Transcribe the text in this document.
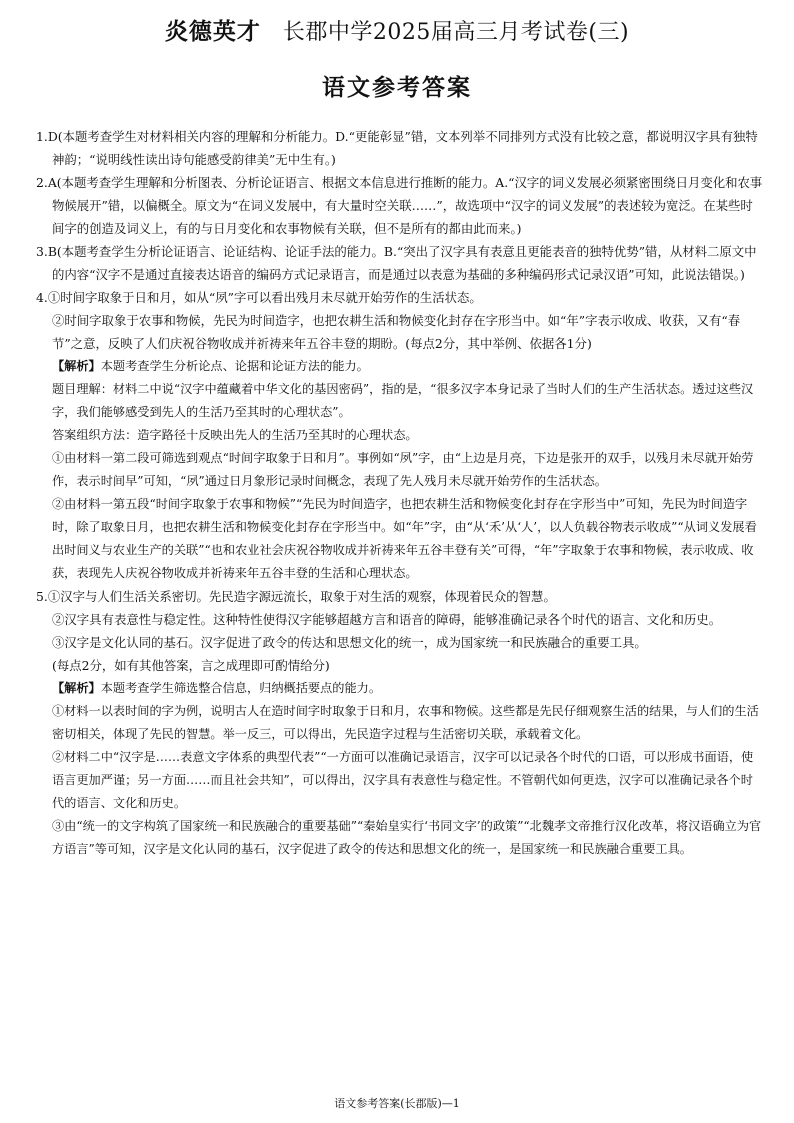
炎德英才 长郡中学2025届高三月考试卷(三)
语文参考答案

1.D(本题考查学生对材料相关内容的理解和分析能力。D.“更能彰显”错，文本列举不同排列方式没有比较之意，都说明汉字具有独特神韵；“说明线性读出诗句能感受韵律美”无中生有。)

2.A(本题考查学生理解和分析图表、分析论证语言、根据文本信息进行推断的能力。A.“汉字的词义发展必须紧密围绕日月变化和农事物候展开”错，以偏概全。原文为“在词义发展中，有大量时空关联……”，故选项中“汉字的词义发展”的表述较为宽泛。在某些时间字的创造及词义上，有的与日月变化和农事物候有关联，但不是所有的都由此而来。)

3.B(本题考查学生分析论证语言、论证结构、论证手法的能力。B.“突出了汉字具有表意且更能表音的独特优势”错，从材料二原文中的内容“汉字不是通过直接表达语音的编码方式记录语言，而是通过以表意为基础的多种编码形式记录汉语”可知，此说法错误。)

4.①时间字取象于日和月，如从“夙”字可以看出残月未尽就开始劳作的生活状态。

②时间字取象于农事和物候，先民为时间造字，也把农耕生活和物候变化封存在字形当中。如“年”字表示收成、收获，又有“春节”之意，反映了人们庆祝谷物收成并祈祷来年五谷丰登的期盼。(每点2分，其中举例、依据各1分)

【解析】本题考查学生分析论点、论据和论证方法的能力。

题目理解：材料二中说“汉字中蕴藏着中华文化的基因密码”，指的是，“很多汉字本身记录了当时人们的生产生活状态。透过这些汉字，我们能够感受到先人的生活乃至其时的心理状态”。

答案组织方法：造字路径十反映出先人的生活乃至其时的心理状态。

①由材料一第二段可筛选到观点“时间字取象于日和月”。事例如“夙”字，由“上边是月亮，下边是张开的双手，以残月未尽就开始劳作，表示时间早”可知，“夙”通过日月象形记录时间概念，表现了先人残月未尽就开始劳作的生活状态。

②由材料一第五段“时间字取象于农事和物候”“先民为时间造字，也把农耕生活和物候变化封存在字形当中”可知，先民为时间造字时，除了取象日月，也把农耕生活和物候变化封存在字形当中。如“年”字，由“从‘禾’从‘人’，以人负载谷物表示收成”“从词义发展看出时间义与农业生产的关联”“也和农业社会庆祝谷物收成并祈祷来年五谷丰登有关”可得，“年”字取象于农事和物候，表示收成、收获，表现先人庆祝谷物收成并祈祷来年五谷丰登的生活和心理状态。

5.①汉字与人们生活关系密切。先民造字源远流长，取象于对生活的观察，体现着民众的智慧。

②汉字具有表意性与稳定性。这种特性使得汉字能够超越方言和语音的障碍，能够准确记录各个时代的语言、文化和历史。

③汉字是文化认同的基石。汉字促进了政令的传达和思想文化的统一，成为国家统一和民族融合的重要工具。

(每点2分，如有其他答案，言之成理即可酌情给分)

【解析】本题考查学生筛选整合信息，归纳概括要点的能力。

①材料一以表时间的字为例，说明古人在造时间字时取象于日和月，农事和物候。这些都是先民仔细观察生活的结果，与人们的生活密切相关，体现了先民的智慧。举一反三，可以得出，先民造字过程与生活密切关联，承载着文化。

②材料二中“汉字是……表意文字体系的典型代表”“一方面可以准确记录语言，汉字可以记录各个时代的口语，可以形成书面语，使语言更加严谨；另一方面……而且社会共知”，可以得出，汉字具有表意性与稳定性。不管朝代如何更迭，汉字可以准确记录各个时代的语言、文化和历史。

③由“统一的文字构筑了国家统一和民族融合的重要基础”“秦始皇实行‘书同文字’的政策”“北魏孝文帝推行汉化改革，将汉语确立为官方语言”等可知，汉字是文化认同的基石，汉字促进了政令的传达和思想文化的统一，是国家统一和民族融合重要工具。

语文参考答案(长郡版)—1
